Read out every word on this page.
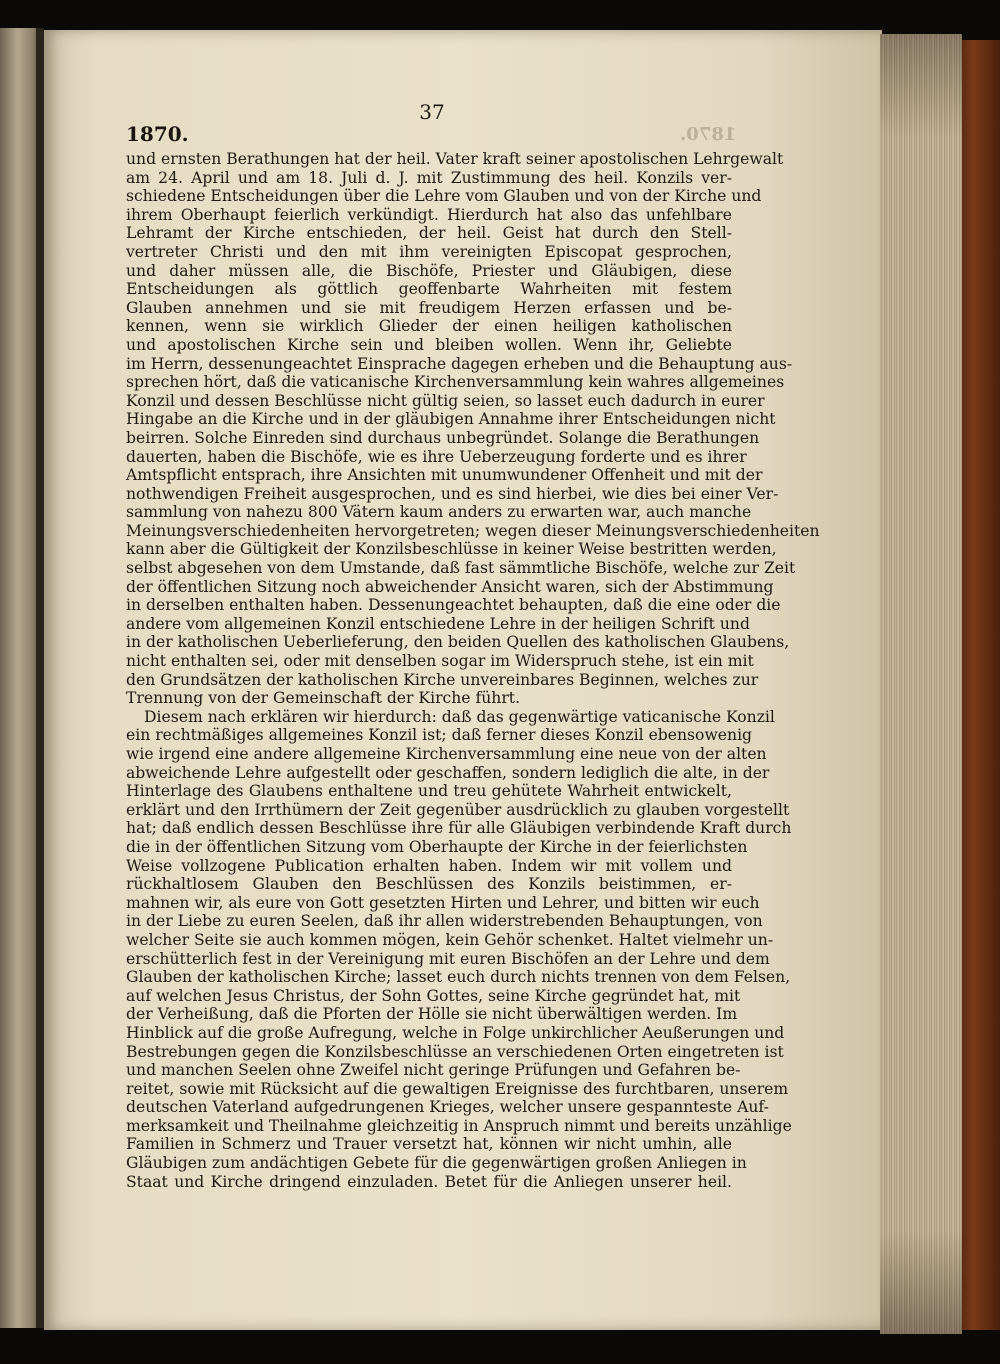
37
1870.	1870.
und ernsten Berathungen hat der heil. Vater kraft seiner apostolischen Lehrgewalt
am 24. April und am 18. Juli d. J. mit Zustimmung des heil. Konzils ver-
schiedene Entscheidungen über die Lehre vom Glauben und von der Kirche und
ihrem Oberhaupt feierlich verkündigt. Hierdurch hat also das unfehlbare
Lehramt der Kirche entschieden, der heil. Geist hat durch den Stell-
vertreter Christi und den mit ihm vereinigten Episcopat gesprochen,
und daher müssen alle, die Bischöfe, Priester und Gläubigen, diese
Entscheidungen als göttlich geoffenbarte Wahrheiten mit festem
Glauben annehmen und sie mit freudigem Herzen erfassen und be-
kennen, wenn sie wirklich Glieder der einen heiligen katholischen
und apostolischen Kirche sein und bleiben wollen. Wenn ihr, Geliebte
im Herrn, dessenungeachtet Einsprache dagegen erheben und die Behauptung aus-
sprechen hört, daß die vaticanische Kirchenversammlung kein wahres allgemeines
Konzil und dessen Beschlüsse nicht gültig seien, so lasset euch dadurch in eurer
Hingabe an die Kirche und in der gläubigen Annahme ihrer Entscheidungen nicht
beirren. Solche Einreden sind durchaus unbegründet. Solange die Berathungen
dauerten, haben die Bischöfe, wie es ihre Ueberzeugung forderte und es ihrer
Amtspflicht entsprach, ihre Ansichten mit unumwundener Offenheit und mit der
nothwendigen Freiheit ausgesprochen, und es sind hierbei, wie dies bei einer Ver-
sammlung von nahezu 800 Vätern kaum anders zu erwarten war, auch manche
Meinungsverschiedenheiten hervorgetreten; wegen dieser Meinungsverschiedenheiten
kann aber die Gültigkeit der Konzilsbeschlüsse in keiner Weise bestritten werden,
selbst abgesehen von dem Umstande, daß fast sämmtliche Bischöfe, welche zur Zeit
der öffentlichen Sitzung noch abweichender Ansicht waren, sich der Abstimmung
in derselben enthalten haben. Dessenungeachtet behaupten, daß die eine oder die
andere vom allgemeinen Konzil entschiedene Lehre in der heiligen Schrift und
in der katholischen Ueberlieferung, den beiden Quellen des katholischen Glaubens,
nicht enthalten sei, oder mit denselben sogar im Widerspruch stehe, ist ein mit
den Grundsätzen der katholischen Kirche unvereinbares Beginnen, welches zur
Trennung von der Gemeinschaft der Kirche führt.
Diesem nach erklären wir hierdurch: daß das gegenwärtige vaticanische Konzil
ein rechtmäßiges allgemeines Konzil ist; daß ferner dieses Konzil ebensowenig
wie irgend eine andere allgemeine Kirchenversammlung eine neue von der alten
abweichende Lehre aufgestellt oder geschaffen, sondern lediglich die alte, in der
Hinterlage des Glaubens enthaltene und treu gehütete Wahrheit entwickelt,
erklärt und den Irrthümern der Zeit gegenüber ausdrücklich zu glauben vorgestellt
hat; daß endlich dessen Beschlüsse ihre für alle Gläubigen verbindende Kraft durch
die in der öffentlichen Sitzung vom Oberhaupte der Kirche in der feierlichsten
Weise vollzogene Publication erhalten haben. Indem wir mit vollem und
rückhaltlosem Glauben den Beschlüssen des Konzils beistimmen, er-
mahnen wir, als eure von Gott gesetzten Hirten und Lehrer, und bitten wir euch
in der Liebe zu euren Seelen, daß ihr allen widerstrebenden Behauptungen, von
welcher Seite sie auch kommen mögen, kein Gehör schenket. Haltet vielmehr un-
erschütterlich fest in der Vereinigung mit euren Bischöfen an der Lehre und dem
Glauben der katholischen Kirche; lasset euch durch nichts trennen von dem Felsen,
auf welchen Jesus Christus, der Sohn Gottes, seine Kirche gegründet hat, mit
der Verheißung, daß die Pforten der Hölle sie nicht überwältigen werden. Im
Hinblick auf die große Aufregung, welche in Folge unkirchlicher Aeußerungen und
Bestrebungen gegen die Konzilsbeschlüsse an verschiedenen Orten eingetreten ist
und manchen Seelen ohne Zweifel nicht geringe Prüfungen und Gefahren be-
reitet, sowie mit Rücksicht auf die gewaltigen Ereignisse des furchtbaren, unserem
deutschen Vaterland aufgedrungenen Krieges, welcher unsere gespannteste Auf-
merksamkeit und Theilnahme gleichzeitig in Anspruch nimmt und bereits unzählige
Familien in Schmerz und Trauer versetzt hat, können wir nicht umhin, alle
Gläubigen zum andächtigen Gebete für die gegenwärtigen großen Anliegen in
Staat und Kirche dringend einzuladen. Betet für die Anliegen unserer heil.
